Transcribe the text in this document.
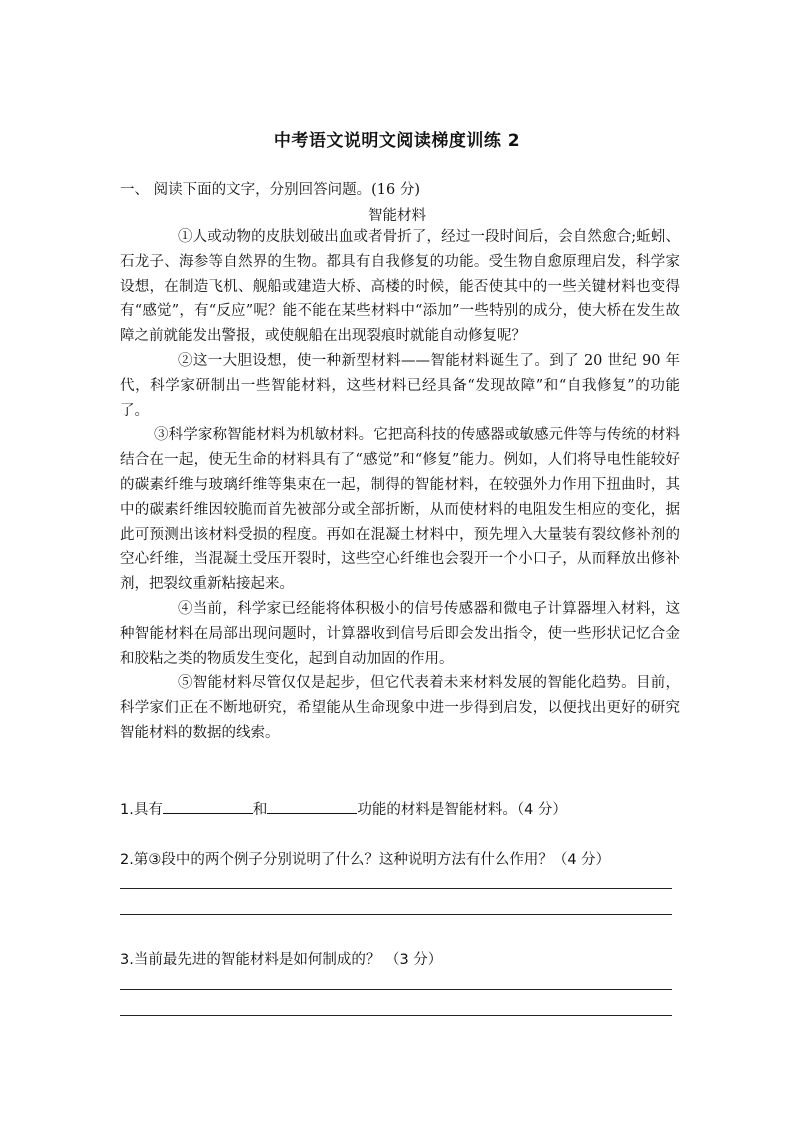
中考语文说明文阅读梯度训练 2
一、 阅读下面的文字，分别回答问题。(16 分)
智能材料

①人或动物的皮肤划破出血或者骨折了，经过一段时间后，会自然愈合;蚯蚓、石龙子、海参等自然界的生物。都具有自我修复的功能。受生物自愈原理启发，科学家设想，在制造飞机、舰船或建造大桥、高楼的时候，能否使其中的一些关键材料也变得有“感觉”，有“反应”呢？能不能在某些材料中“添加”一些特别的成分，使大桥在发生故障之前就能发出警报，或使舰船在出现裂痕时就能自动修复呢？

②这一大胆设想，使一种新型材料——智能材料诞生了。到了 20 世纪 90 年代，科学家研制出一些智能材料，这些材料已经具备“发现故障”和“自我修复”的功能了。

③科学家称智能材料为机敏材料。它把高科技的传感器或敏感元件等与传统的材料结合在一起，使无生命的材料具有了“感觉”和“修复”能力。例如，人们将导电性能较好的碳素纤维与玻璃纤维等集束在一起，制得的智能材料，在较强外力作用下扭曲时，其中的碳素纤维因较脆而首先被部分或全部折断，从而使材料的电阻发生相应的变化，据此可预测出该材料受损的程度。再如在混凝土材料中，预先埋入大量装有裂纹修补剂的空心纤维，当混凝土受压开裂时，这些空心纤维也会裂开一个小口子，从而释放出修补剂，把裂纹重新粘接起来。

④当前，科学家已经能将体积极小的信号传感器和微电子计算器埋入材料，这种智能材料在局部出现问题时，计算器收到信号后即会发出指令，使一些形状记忆合金和胶粘之类的物质发生变化，起到自动加固的作用。

⑤智能材料尽管仅仅是起步，但它代表着未来材料发展的智能化趋势。目前，科学家们正在不断地研究，希望能从生命现象中进一步得到启发，以便找出更好的研究智能材料的数据的线索。

1.具有	和	功能的材料是智能材料。（4 分）
2.第③段中的两个例子分别说明了什么？这种说明方法有什么作用？（4 分）
3.当前最先进的智能材料是如何制成的？ （3 分）
